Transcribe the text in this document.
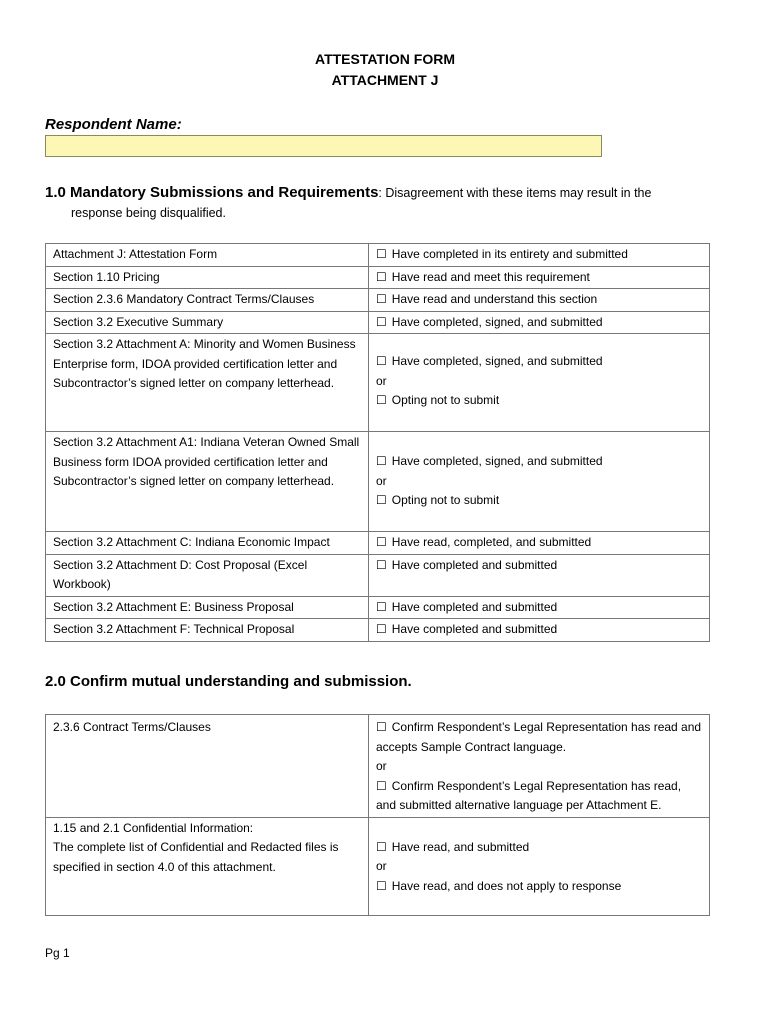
ATTESTATION FORM
ATTACHMENT J
Respondent Name:
1.0 Mandatory Submissions and Requirements: Disagreement with these items may result in the
response being disqualified.
Attachment J: Attestation Form	☐ Have completed in its entirety and submitted

Section 1.10 Pricing	☐ Have read and meet this requirement

Section 2.3.6 Mandatory Contract Terms/Clauses	☐ Have read and understand this section

Section 3.2 Executive Summary	☐ Have completed, signed, and submitted

Section 3.2 Attachment A: Minority and Women Business Enterprise form, IDOA provided certification letter and Subcontractor’s signed letter on company letterhead.	☐ Have completed, signed, and submitted
or
☐ Opting not to submit

Section 3.2 Attachment A1: Indiana Veteran Owned Small Business form IDOA provided certification letter and Subcontractor’s signed letter on company letterhead.	☐ Have completed, signed, and submitted
or
☐ Opting not to submit

Section 3.2 Attachment C: Indiana Economic Impact	☐ Have read, completed, and submitted

Section 3.2 Attachment D: Cost Proposal (Excel Workbook)	☐ Have completed and submitted

Section 3.2 Attachment E: Business Proposal	☐ Have completed and submitted

Section 3.2 Attachment F: Technical Proposal	☐ Have completed and submitted
2.0 Confirm mutual understanding and submission.
2.3.6 Contract Terms/Clauses	☐ Confirm Respondent’s Legal Representation has read and accepts Sample Contract language.
or
☐ Confirm Respondent’s Legal Representation has read, and submitted alternative language per Attachment E.

1.15 and 2.1 Confidential Information:
The complete list of Confidential and Redacted files is specified in section 4.0 of this attachment.	☐ Have read, and submitted
or
☐ Have read, and does not apply to response
Pg 1
